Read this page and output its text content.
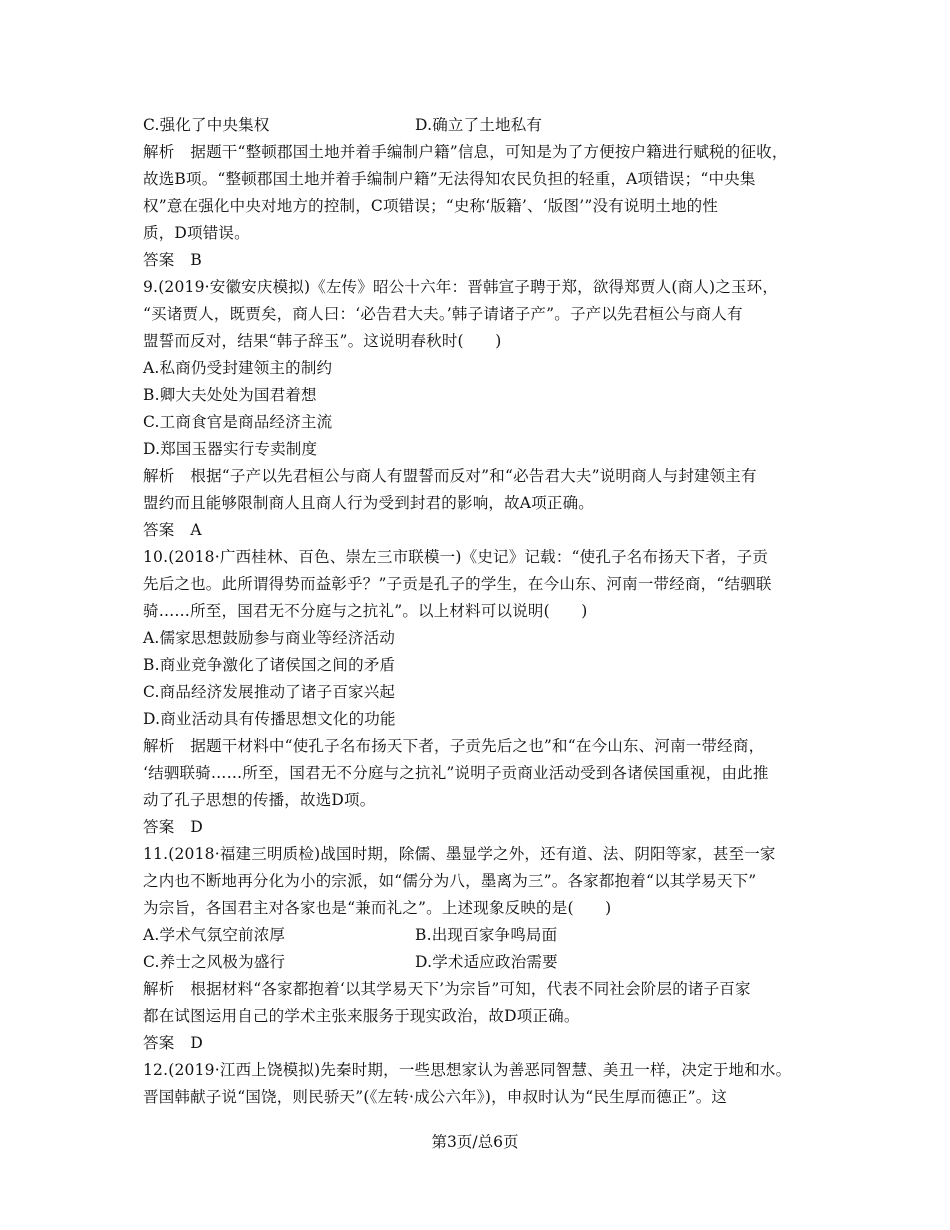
C.强化了中央集权	D.确立了土地私有
解析 据题干“整顿郡国土地并着手编制户籍”信息，可知是为了方便按户籍进行赋税的征收，
故选B项。“整顿郡国土地并着手编制户籍”无法得知农民负担的轻重，A项错误；“中央集
权”意在强化中央对地方的控制，C项错误；“史称‘版籍’、‘版图’”没有说明土地的性
质，D项错误。
答案 B
9.(2019·安徽安庆模拟)《左传》昭公十六年：晋韩宣子聘于郑，欲得郑贾人(商人)之玉环，
“买诸贾人，既贾矣，商人曰：‘必告君大夫。’韩子请诸子产”。子产以先君桓公与商人有
盟誓而反对，结果“韩子辞玉”。这说明春秋时(　　)
A.私商仍受封建领主的制约
B.卿大夫处处为国君着想
C.工商食官是商品经济主流
D.郑国玉器实行专卖制度
解析 根据“子产以先君桓公与商人有盟誓而反对”和“必告君大夫”说明商人与封建领主有
盟约而且能够限制商人且商人行为受到封君的影响，故A项正确。
答案 A
10.(2018·广西桂林、百色、崇左三市联模一)《史记》记载：“使孔子名布扬天下者，子贡
先后之也。此所谓得势而益彰乎？”子贡是孔子的学生，在今山东、河南一带经商，“结驷联
骑……所至，国君无不分庭与之抗礼”。以上材料可以说明(　　)
A.儒家思想鼓励参与商业等经济活动
B.商业竞争激化了诸侯国之间的矛盾
C.商品经济发展推动了诸子百家兴起
D.商业活动具有传播思想文化的功能
解析 据题干材料中“使孔子名布扬天下者，子贡先后之也”和“在今山东、河南一带经商，
‘结驷联骑……所至，国君无不分庭与之抗礼”说明子贡商业活动受到各诸侯国重视，由此推
动了孔子思想的传播，故选D项。
答案 D
11.(2018·福建三明质检)战国时期，除儒、墨显学之外，还有道、法、阴阳等家，甚至一家
之内也不断地再分化为小的宗派，如“儒分为八，墨离为三”。各家都抱着“以其学易天下”
为宗旨，各国君主对各家也是“兼而礼之”。上述现象反映的是(　　)
A.学术气氛空前浓厚	B.出现百家争鸣局面
C.养士之风极为盛行	D.学术适应政治需要
解析 根据材料“各家都抱着‘以其学易天下’为宗旨”可知，代表不同社会阶层的诸子百家
都在试图运用自己的学术主张来服务于现实政治，故D项正确。
答案 D
12.(2019·江西上饶模拟)先秦时期，一些思想家认为善恶同智慧、美丑一样，决定于地和水。
晋国韩献子说“国饶，则民骄天”(《左转·成公六年》)，申叔时认为“民生厚而德正”。这
第3页/总6页
